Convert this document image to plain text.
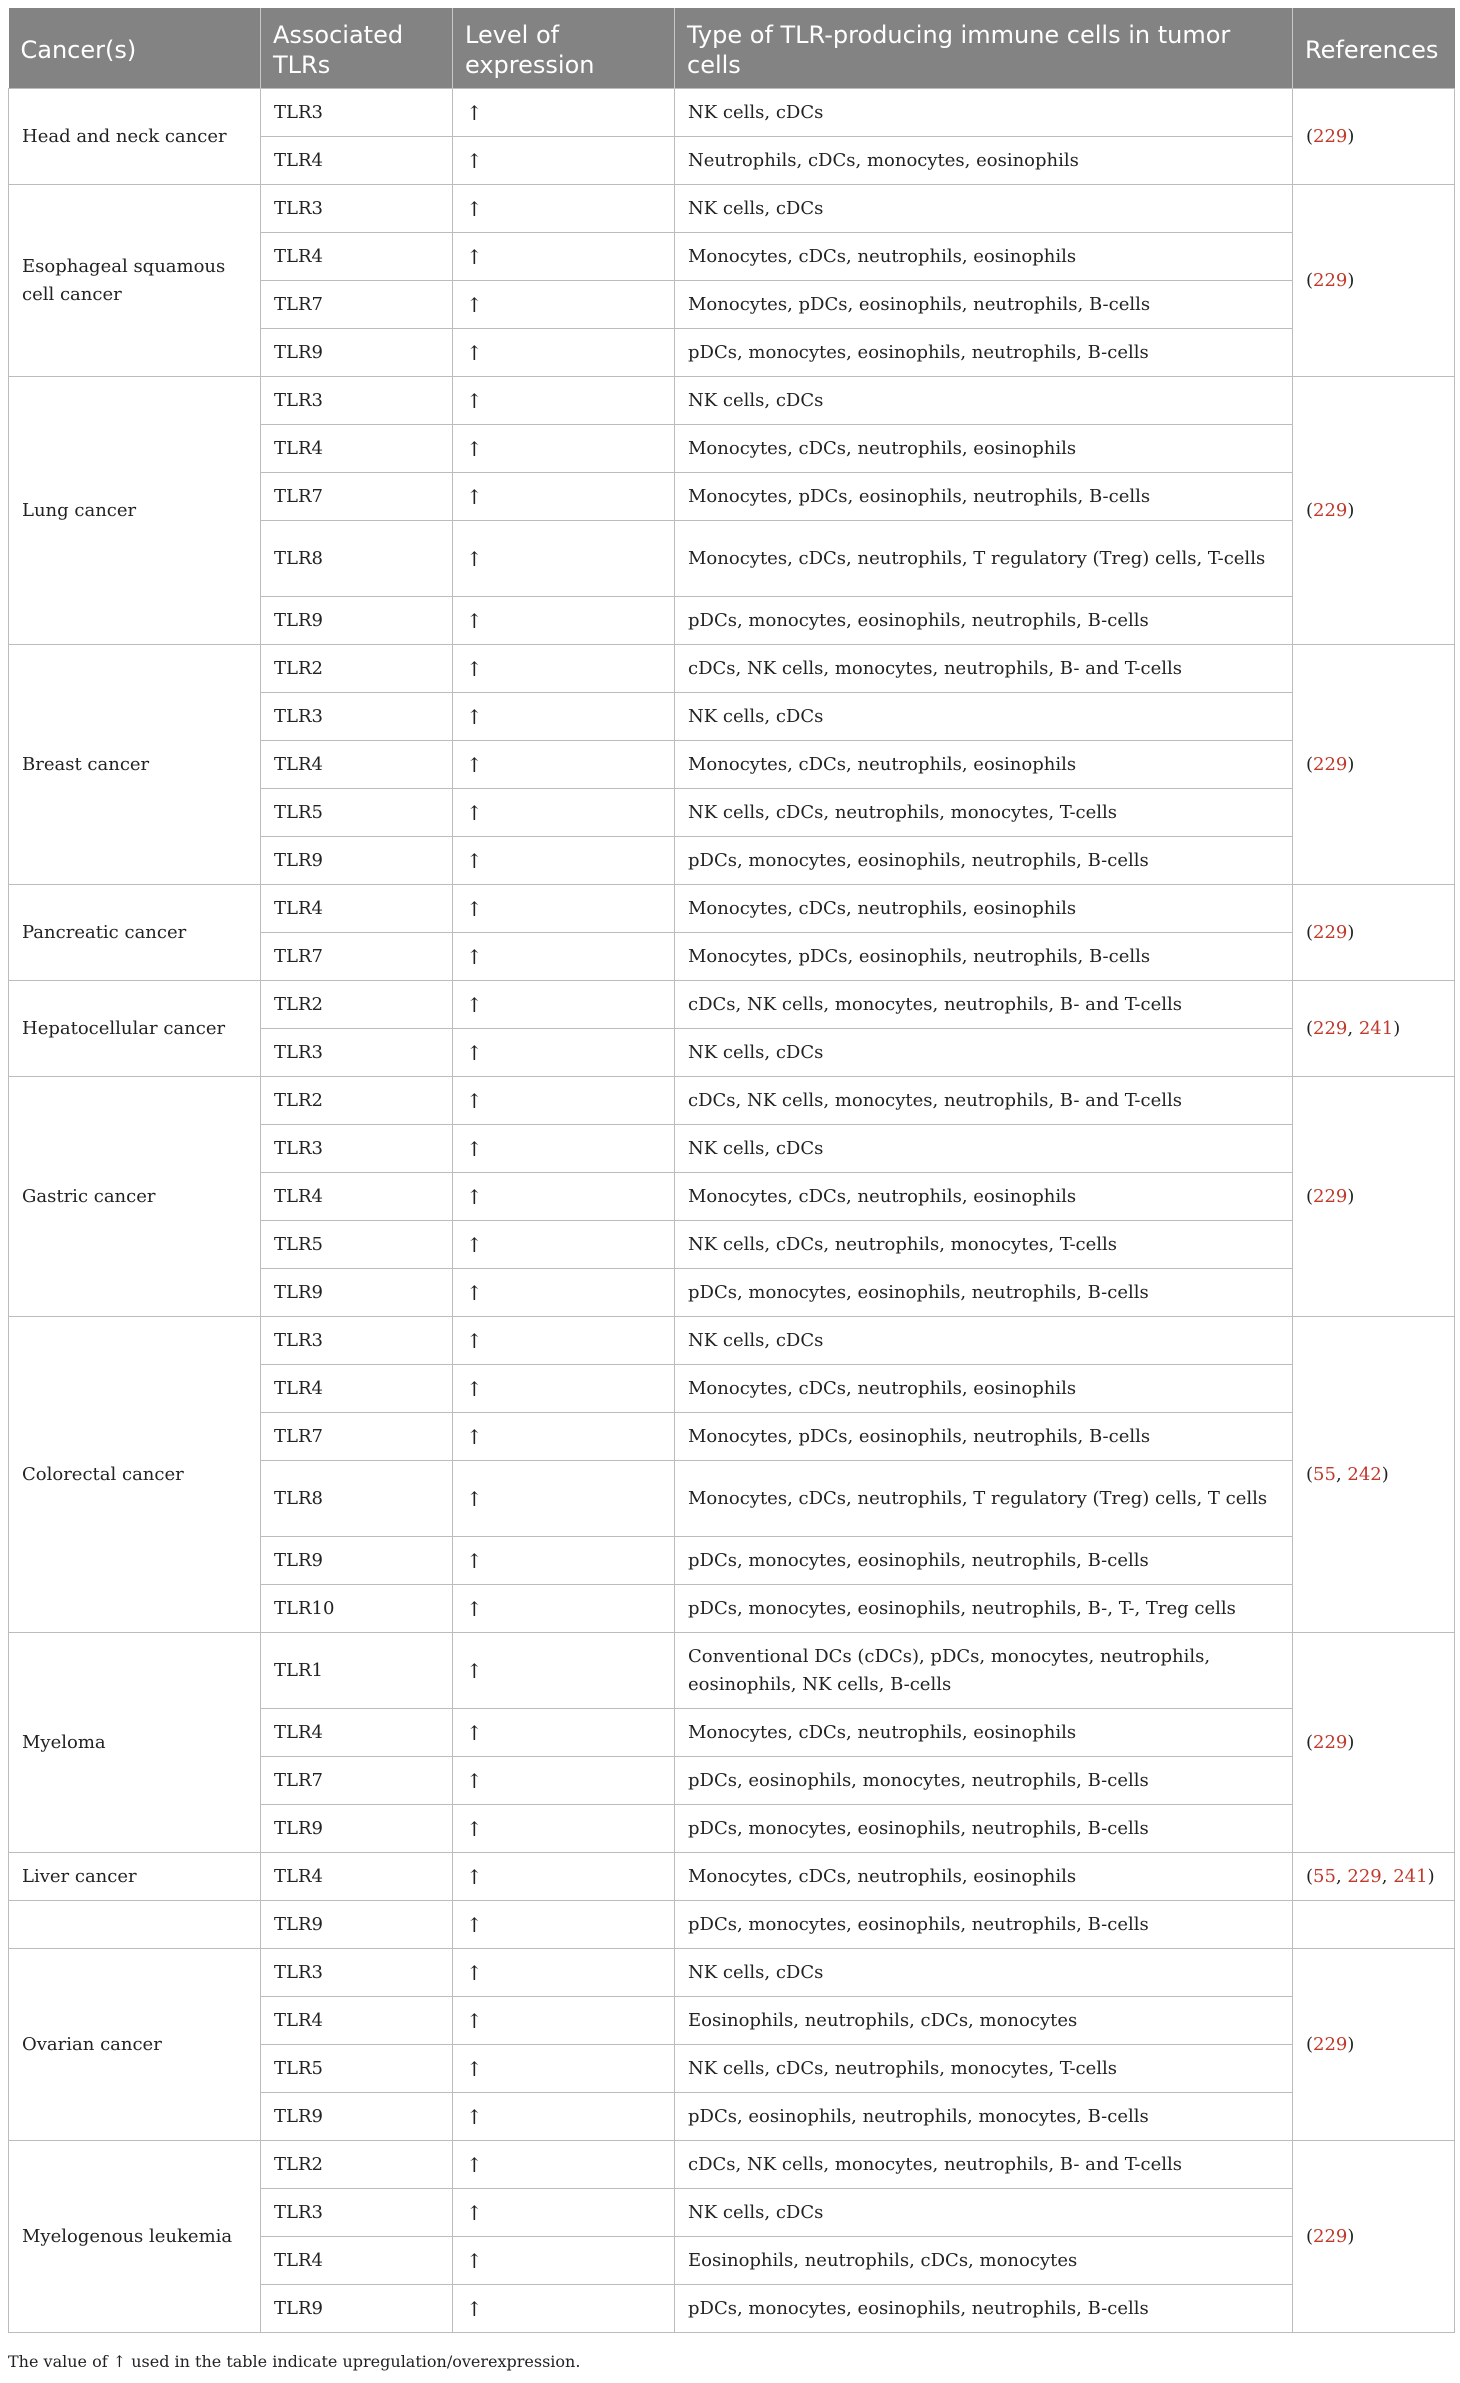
Cancer(s)	Associated TLRs	Level of expression	Type of TLR-producing immune cells in tumor cells	References
Head and neck cancer	TLR3	↑	NK cells, cDCs	(229)
	TLR4	↑	Neutrophils, cDCs, monocytes, eosinophils	
Esophageal squamous cell cancer	TLR3	↑	NK cells, cDCs	(229)
	TLR4	↑	Monocytes, cDCs, neutrophils, eosinophils	
	TLR7	↑	Monocytes, pDCs, eosinophils, neutrophils, B-cells	
	TLR9	↑	pDCs, monocytes, eosinophils, neutrophils, B-cells	
Lung cancer	TLR3	↑	NK cells, cDCs	(229)
	TLR4	↑	Monocytes, cDCs, neutrophils, eosinophils	
	TLR7	↑	Monocytes, pDCs, eosinophils, neutrophils, B-cells	
	TLR8	↑	Monocytes, cDCs, neutrophils, T regulatory (Treg) cells, T-cells	
	TLR9	↑	pDCs, monocytes, eosinophils, neutrophils, B-cells	
Breast cancer	TLR2	↑	cDCs, NK cells, monocytes, neutrophils, B- and T-cells	(229)
	TLR3	↑	NK cells, cDCs	
	TLR4	↑	Monocytes, cDCs, neutrophils, eosinophils	
	TLR5	↑	NK cells, cDCs, neutrophils, monocytes, T-cells	
	TLR9	↑	pDCs, monocytes, eosinophils, neutrophils, B-cells	
Pancreatic cancer	TLR4	↑	Monocytes, cDCs, neutrophils, eosinophils	(229)
	TLR7	↑	Monocytes, pDCs, eosinophils, neutrophils, B-cells	
Hepatocellular cancer	TLR2	↑	cDCs, NK cells, monocytes, neutrophils, B- and T-cells	(229, 241)
	TLR3	↑	NK cells, cDCs	
Gastric cancer	TLR2	↑	cDCs, NK cells, monocytes, neutrophils, B- and T-cells	(229)
	TLR3	↑	NK cells, cDCs	
	TLR4	↑	Monocytes, cDCs, neutrophils, eosinophils	
	TLR5	↑	NK cells, cDCs, neutrophils, monocytes, T-cells	
	TLR9	↑	pDCs, monocytes, eosinophils, neutrophils, B-cells	
Colorectal cancer	TLR3	↑	NK cells, cDCs	(55, 242)
	TLR4	↑	Monocytes, cDCs, neutrophils, eosinophils	
	TLR7	↑	Monocytes, pDCs, eosinophils, neutrophils, B-cells	
	TLR8	↑	Monocytes, cDCs, neutrophils, T regulatory (Treg) cells, T cells	
	TLR9	↑	pDCs, monocytes, eosinophils, neutrophils, B-cells	
	TLR10	↑	pDCs, monocytes, eosinophils, neutrophils, B-, T-, Treg cells	
Myeloma	TLR1	↑	Conventional DCs (cDCs), pDCs, monocytes, neutrophils, eosinophils, NK cells, B-cells	(229)
	TLR4	↑	Monocytes, cDCs, neutrophils, eosinophils	
	TLR7	↑	pDCs, eosinophils, monocytes, neutrophils, B-cells	
	TLR9	↑	pDCs, monocytes, eosinophils, neutrophils, B-cells	
Liver cancer	TLR4	↑	Monocytes, cDCs, neutrophils, eosinophils	(55, 229, 241)
	TLR9	↑	pDCs, monocytes, eosinophils, neutrophils, B-cells	
Ovarian cancer	TLR3	↑	NK cells, cDCs	(229)
	TLR4	↑	Eosinophils, neutrophils, cDCs, monocytes	
	TLR5	↑	NK cells, cDCs, neutrophils, monocytes, T-cells	
	TLR9	↑	pDCs, eosinophils, neutrophils, monocytes, B-cells	
Myelogenous leukemia	TLR2	↑	cDCs, NK cells, monocytes, neutrophils, B- and T-cells	(229)
	TLR3	↑	NK cells, cDCs	
	TLR4	↑	Eosinophils, neutrophils, cDCs, monocytes	
	TLR9	↑	pDCs, monocytes, eosinophils, neutrophils, B-cells	
The value of ↑ used in the table indicate upregulation/overexpression.
